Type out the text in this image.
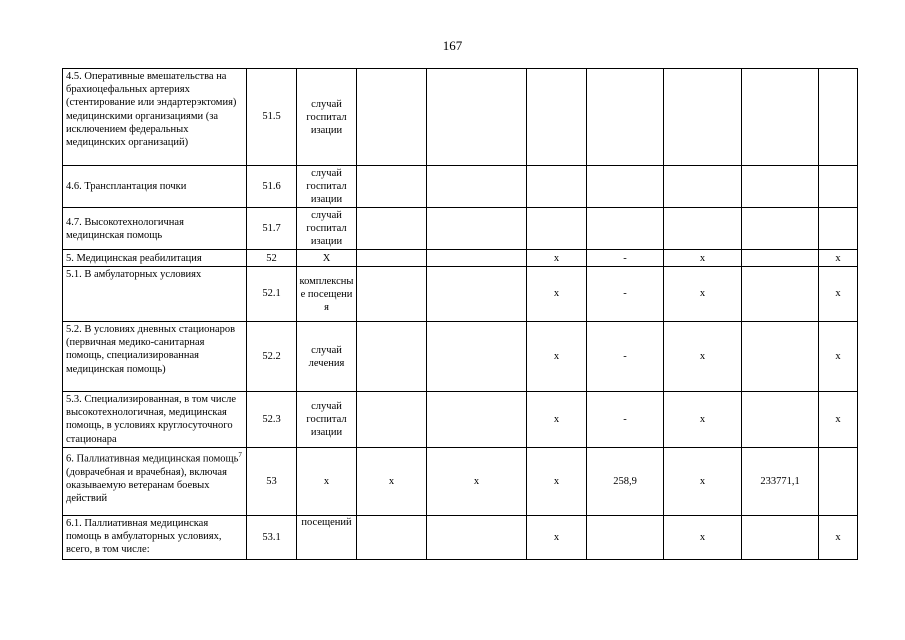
167
4.5. Оперативные вмешательства на брахиоцефальных артериях (стентирование или эндартерэктомия) медицинскими организациями (за исключением федеральных медицинских организаций)	51.5	случай госпитал изации							
4.6. Трансплантация почки	51.6	случай госпитал изации							
4.7. Высокотехнологичная медицинская помощь	51.7	случай госпитал изации							
5. Медицинская реабилитация	52	X			х	-	х		х
5.1. В амбулаторных условиях	52.1	комплексные посещения			х	-	х		х
5.2. В условиях дневных стационаров (первичная медико-санитарная помощь, специализированная медицинская помощь)	52.2	случай лечения			х	-	х		х
5.3. Специализированная, в том числе высокотехнологичная, медицинская помощь, в условиях круглосуточного стационара	52.3	случай госпитал изации			х	-	х		х
6. Паллиативная медицинская помощь$^7$ (доврачебная и врачебная), включая оказываемую ветеранам боевых действий	53	х	х	х	х	258,9	х	233771,1	
6.1. Паллиативная медицинская помощь в амбулаторных условиях, всего, в том числе:	53.1	посещений			х		х		х
